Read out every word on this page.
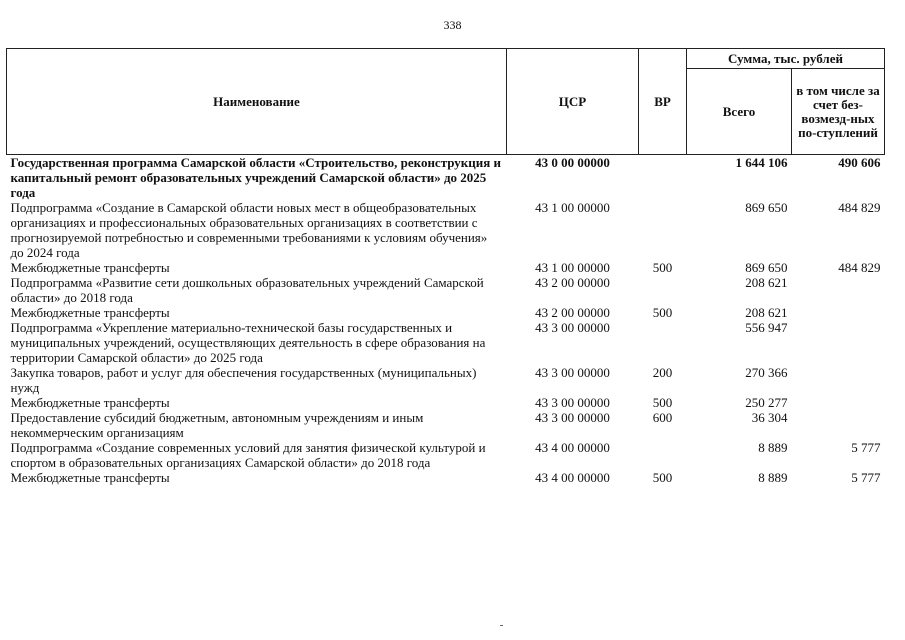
338
Наименование	ЦСР	ВР	Сумма, тыс. рублей	
			Всего	в том числе за счет без-возмезд-ных по-ступлений
Государственная программа Самарской области «Строительство, реконструкция и капитальный ремонт образовательных учреждений Самарской области» до 2025 года	43 0 00 00000		1 644 106	490 606
Подпрограмма «Создание в Самарской области новых мест в общеобразовательных организациях и профессиональных образовательных организациях в соответствии с прогнозируемой потребностью и современными требованиями к условиям обучения» до 2024 года	43 1 00 00000		869 650	484 829
Межбюджетные трансферты	43 1 00 00000	500	869 650	484 829
Подпрограмма «Развитие сети дошкольных образовательных учреждений Самарской области» до 2018 года	43 2 00 00000		208 621	
Межбюджетные трансферты	43 2 00 00000	500	208 621	
Подпрограмма «Укрепление материально-технической базы государственных и муниципальных учреждений, осуществляющих деятельность в сфере образования на территории Самарской области» до 2025 года	43 3 00 00000		556 947	
Закупка товаров, работ и услуг для обеспечения государственных (муниципальных) нужд	43 3 00 00000	200	270 366	
Межбюджетные трансферты	43 3 00 00000	500	250 277	
Предоставление субсидий бюджетным, автономным учреждениям и иным некоммерческим организациям	43 3 00 00000	600	36 304	
Подпрограмма «Создание современных условий для занятия физической культурой и спортом в образовательных организациях Самарской области» до 2018 года	43 4 00 00000		8 889	5 777
Межбюджетные трансферты	43 4 00 00000	500	8 889	5 777
